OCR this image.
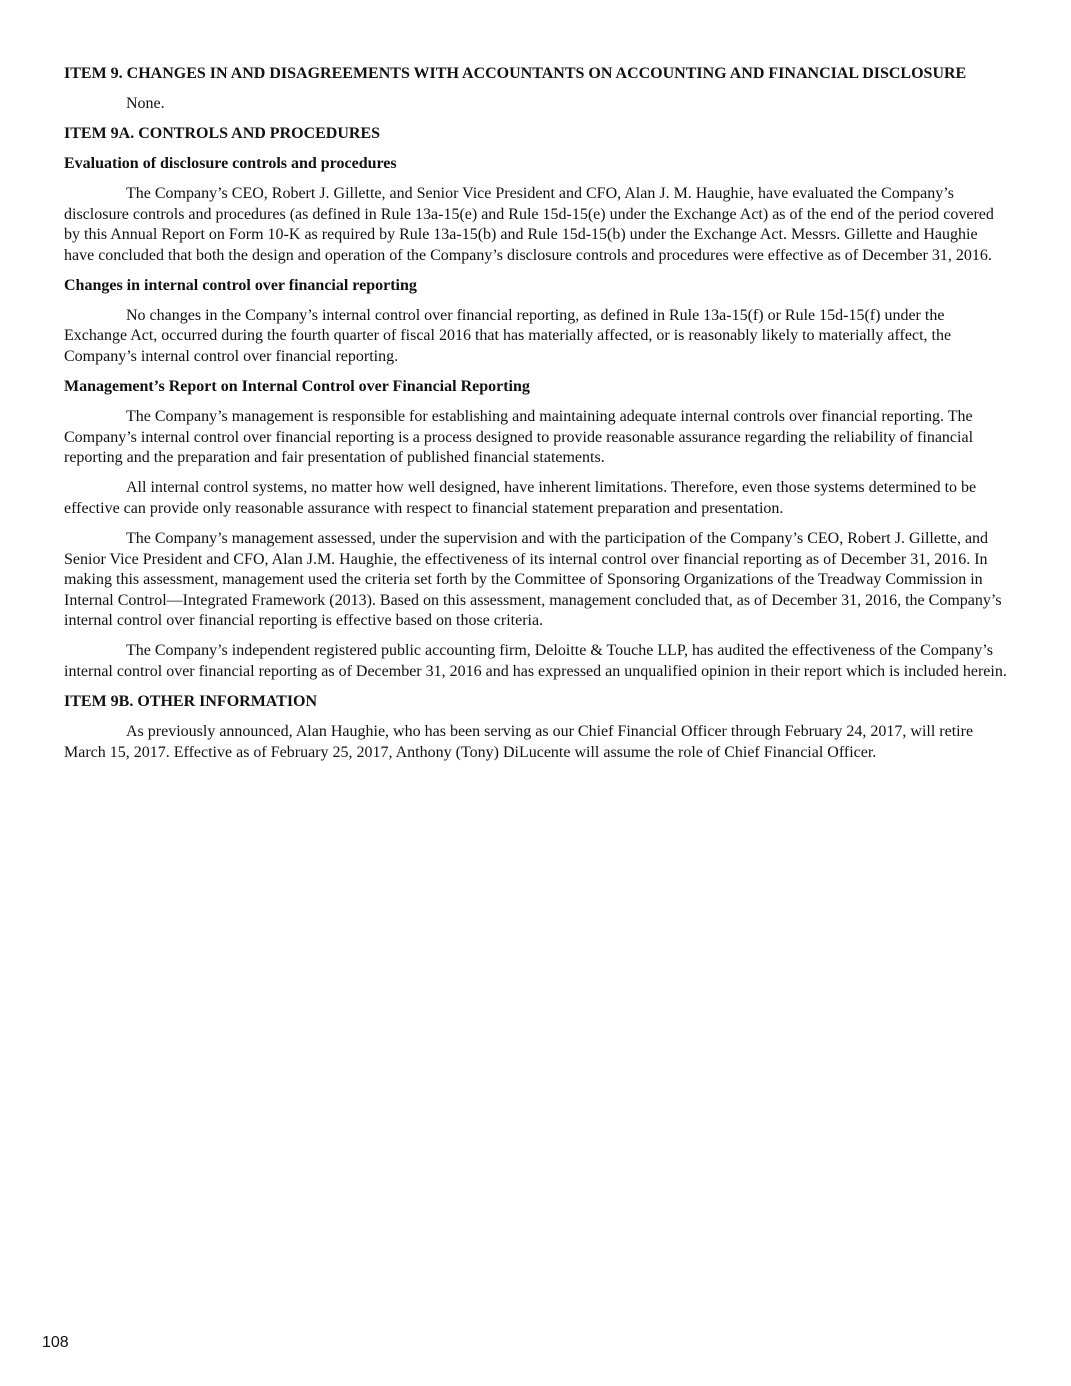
ITEM 9. CHANGES IN AND DISAGREEMENTS WITH ACCOUNTANTS ON ACCOUNTING AND FINANCIAL DISCLOSURE

None.

ITEM 9A. CONTROLS AND PROCEDURES

Evaluation of disclosure controls and procedures

The Company’s CEO, Robert J. Gillette, and Senior Vice President and CFO, Alan J. M. Haughie, have evaluated the Company’s disclosure controls and procedures (as defined in Rule 13a-15(e) and Rule 15d-15(e) under the Exchange Act) as of the end of the period covered by this Annual Report on Form 10-K as required by Rule 13a-15(b) and Rule 15d-15(b) under the Exchange Act. Messrs. Gillette and Haughie have concluded that both the design and operation of the Company’s disclosure controls and procedures were effective as of December 31, 2016.

Changes in internal control over financial reporting

No changes in the Company’s internal control over financial reporting, as defined in Rule 13a-15(f) or Rule 15d-15(f) under the Exchange Act, occurred during the fourth quarter of fiscal 2016 that has materially affected, or is reasonably likely to materially affect, the Company’s internal control over financial reporting.

Management’s Report on Internal Control over Financial Reporting

The Company’s management is responsible for establishing and maintaining adequate internal controls over financial reporting. The Company’s internal control over financial reporting is a process designed to provide reasonable assurance regarding the reliability of financial reporting and the preparation and fair presentation of published financial statements.

All internal control systems, no matter how well designed, have inherent limitations. Therefore, even those systems determined to be effective can provide only reasonable assurance with respect to financial statement preparation and presentation.

The Company’s management assessed, under the supervision and with the participation of the Company’s CEO, Robert J. Gillette, and Senior Vice President and CFO, Alan J.M. Haughie, the effectiveness of its internal control over financial reporting as of December 31, 2016. In making this assessment, management used the criteria set forth by the Committee of Sponsoring Organizations of the Treadway Commission in Internal Control—Integrated Framework (2013). Based on this assessment, management concluded that, as of December 31, 2016, the Company’s internal control over financial reporting is effective based on those criteria.

The Company’s independent registered public accounting firm, Deloitte & Touche LLP, has audited the effectiveness of the Company’s internal control over financial reporting as of December 31, 2016 and has expressed an unqualified opinion in their report which is included herein.

ITEM 9B. OTHER INFORMATION

As previously announced, Alan Haughie, who has been serving as our Chief Financial Officer through February 24, 2017, will retire March 15, 2017. Effective as of February 25, 2017, Anthony (Tony) DiLucente will assume the role of Chief Financial Officer.

108
